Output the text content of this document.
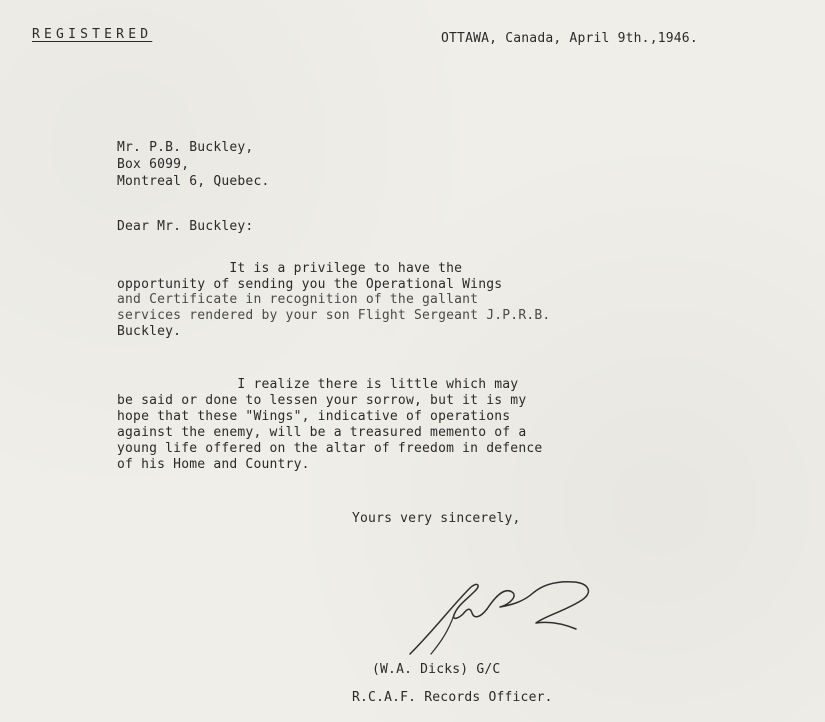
REGISTERED	OTTAWA, Canada, April 9th.,1946.
Mr. P.B. Buckley,
Box 6099,
Montreal 6, Quebec.
Dear Mr. Buckley:
It is a privilege to have the
opportunity of sending you the Operational Wings
and Certificate in recognition of the gallant
services rendered by your son Flight Sergeant J.P.R.B.
Buckley.
I realize there is little which may
be said or done to lessen your sorrow, but it is my
hope that these "Wings", indicative of operations
against the enemy, will be a treasured memento of a
young life offered on the altar of freedom in defence
of his Home and Country.
Yours very sincerely,
(W.A. Dicks) G/C
R.C.A.F. Records Officer.
